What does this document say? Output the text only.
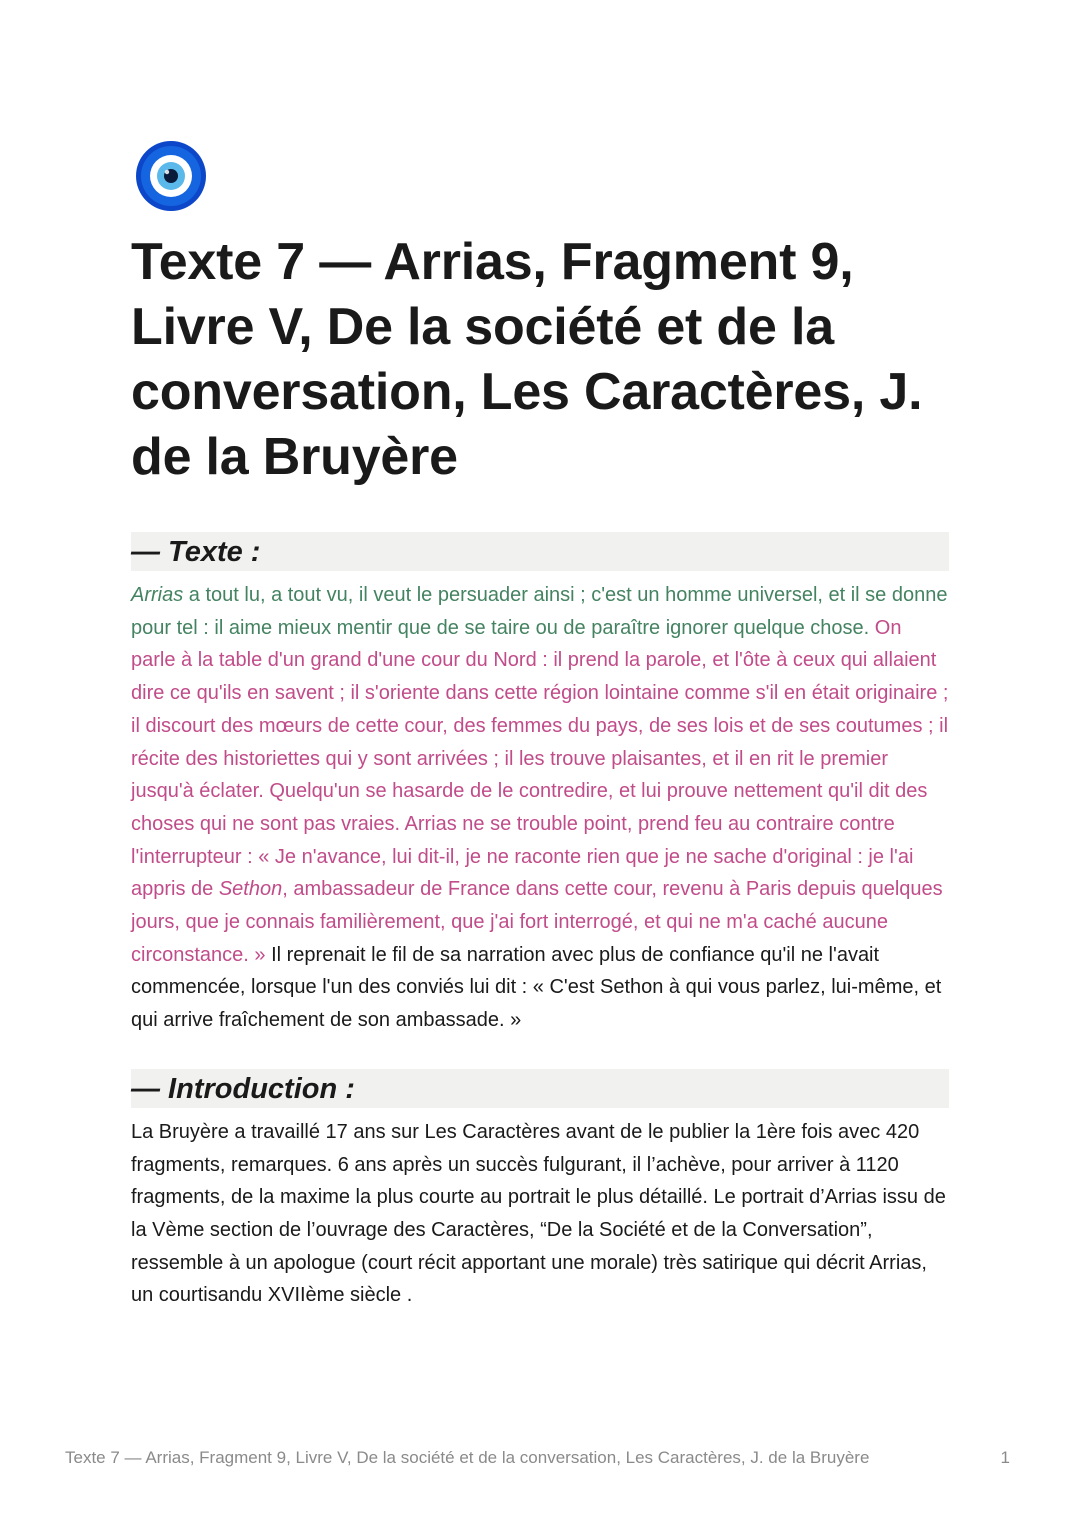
Texte 7 — Arrias, Fragment 9, Livre V, De la société et de la conversation, Les Caractères, J. de la Bruyère
— Texte :

Arrias a tout lu, a tout vu, il veut le persuader ainsi ; c'est un homme universel, et il se donne pour tel : il aime mieux mentir que de se taire ou de paraître ignorer quelque chose. On parle à la table d'un grand d'une cour du Nord : il prend la parole, et l'ôte à ceux qui allaient dire ce qu'ils en savent ; il s'oriente dans cette région lointaine comme s'il en était originaire ; il discourt des mœurs de cette cour, des femmes du pays, de ses lois et de ses coutumes ; il récite des historiettes qui y sont arrivées ; il les trouve plaisantes, et il en rit le premier jusqu'à éclater. Quelqu'un se hasarde de le contredire, et lui prouve nettement qu'il dit des choses qui ne sont pas vraies. Arrias ne se trouble point, prend feu au contraire contre l'interrupteur : « Je n'avance, lui dit-il, je ne raconte rien que je ne sache d'original : je l'ai appris de Sethon, ambassadeur de France dans cette cour, revenu à Paris depuis quelques jours, que je connais familièrement, que j'ai fort interrogé, et qui ne m'a caché aucune circonstance. » Il reprenait le fil de sa narration avec plus de confiance qu'il ne l'avait commencée, lorsque l'un des conviés lui dit : « C'est Sethon à qui vous parlez, lui-même, et qui arrive fraîchement de son ambassade. »

— Introduction :

La Bruyère a travaillé 17 ans sur Les Caractères avant de le publier la 1ère fois avec 420 fragments, remarques. 6 ans après un succès fulgurant, il l’achève, pour arriver à 1120 fragments, de la maxime la plus courte au portrait le plus détaillé. Le portrait d’Arrias issu de la Vème section de l’ouvrage des Caractères, “De la Société et de la Conversation”, ressemble à un apologue (court récit apportant une morale) très satirique qui décrit Arrias, un courtisandu XVIIème siècle .

Texte 7 — Arrias, Fragment 9, Livre V, De la société et de la conversation, Les Caractères, J. de la Bruyère	1
